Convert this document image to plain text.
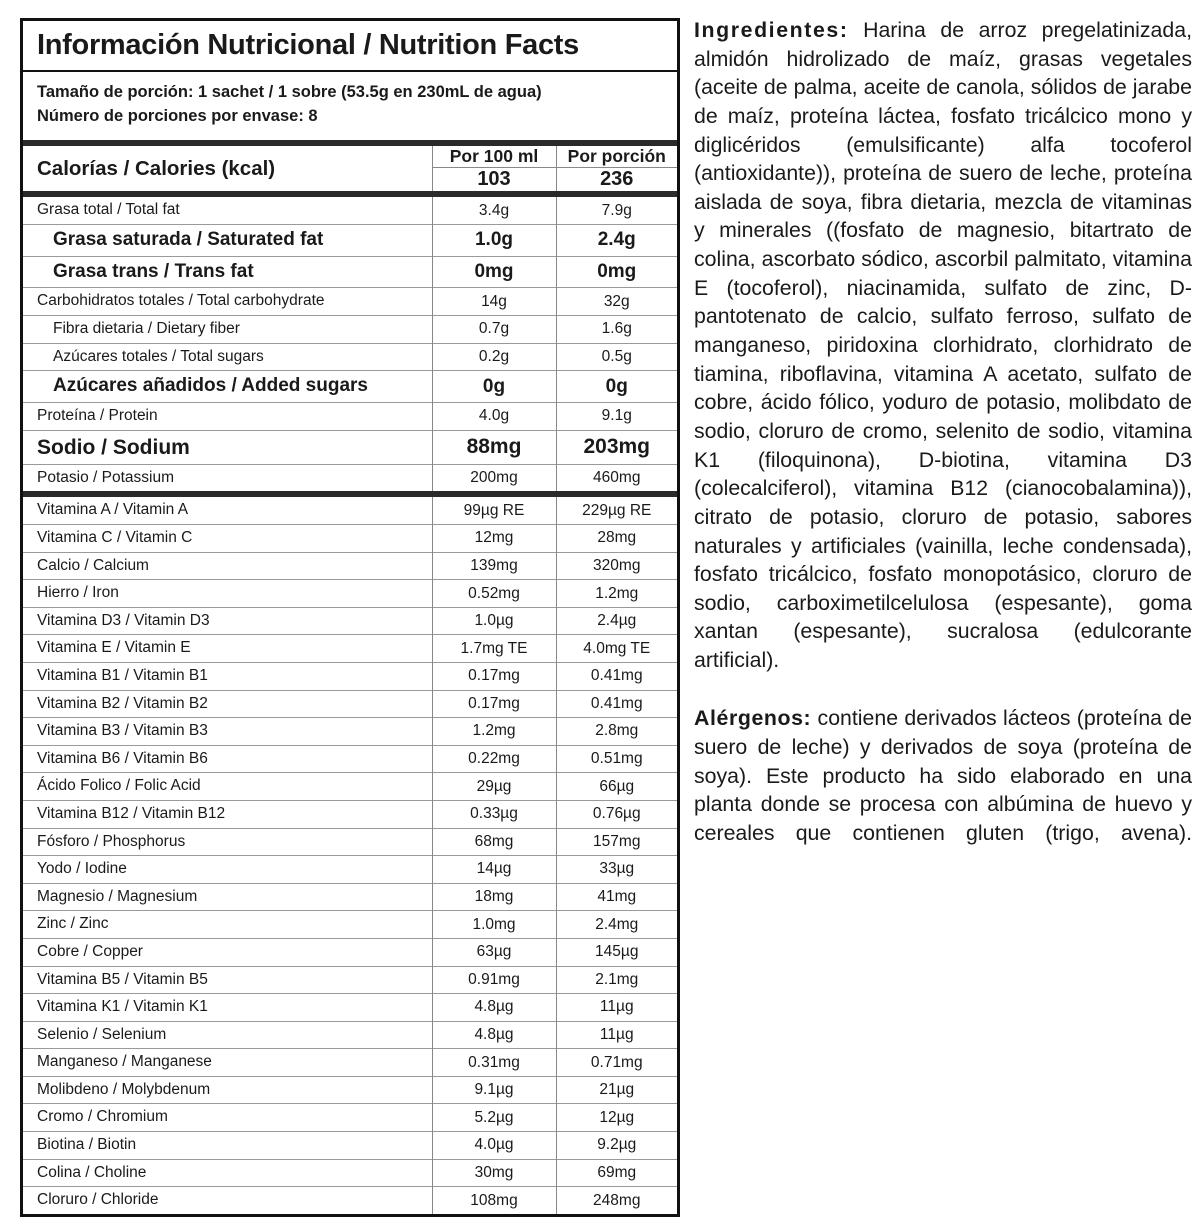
Información Nutricional / Nutrition Facts
Tamaño de porción: 1 sachet / 1 sobre (53.5g en 230mL de agua)
Número de porciones por envase: 8
Calorías / Calories (kcal)	Por 100 ml	Por porción
	103	236
Grasa total / Total fat	3.4g	7.9g

Grasa saturada / Saturated fat	1.0g	2.4g

Grasa trans / Trans fat	0mg	0mg

Carbohidratos totales / Total carbohydrate	14g	32g

Fibra dietaria / Dietary fiber	0.7g	1.6g

Azúcares totales / Total sugars	0.2g	0.5g

Azúcares añadidos / Added sugars	0g	0g

Proteína / Protein	4.0g	9.1g

Sodio / Sodium	88mg	203mg

Potasio / Potassium	200mg	460mg
Vitamina A / Vitamin A	99µg RE	229µg RE

Vitamina C / Vitamin C	12mg	28mg

Calcio / Calcium	139mg	320mg

Hierro / Iron	0.52mg	1.2mg

Vitamina D3 / Vitamin D3	1.0µg	2.4µg

Vitamina E / Vitamin E	1.7mg TE	4.0mg TE

Vitamina B1 / Vitamin B1	0.17mg	0.41mg

Vitamina B2 / Vitamin B2	0.17mg	0.41mg

Vitamina B3 / Vitamin B3	1.2mg	2.8mg

Vitamina B6 / Vitamin B6	0.22mg	0.51mg

Ácido Folico / Folic Acid	29µg	66µg

Vitamina B12 / Vitamin B12	0.33µg	0.76µg

Fósforo / Phosphorus	68mg	157mg

Yodo / Iodine	14µg	33µg

Magnesio / Magnesium	18mg	41mg

Zinc / Zinc	1.0mg	2.4mg

Cobre / Copper	63µg	145µg

Vitamina B5 / Vitamin B5	0.91mg	2.1mg

Vitamina K1 / Vitamin K1	4.8µg	11µg

Selenio / Selenium	4.8µg	11µg

Manganeso / Manganese	0.31mg	0.71mg

Molibdeno / Molybdenum	9.1µg	21µg

Cromo / Chromium	5.2µg	12µg

Biotina / Biotin	4.0µg	9.2µg

Colina / Choline	30mg	69mg

Cloruro / Chloride	108mg	248mg

Ingredientes: Harina de arroz pregelatinizada, almidón hidrolizado de maíz, grasas vegetales (aceite de palma, aceite de canola, sólidos de jarabe de maíz, proteína láctea, fosfato tricálcico mono y diglicéridos (emulsificante) alfa tocoferol (antioxidante)), proteína de suero de leche, proteína aislada de soya, fibra dietaria, mezcla de vitaminas y minerales ((fosfato de magnesio, bitartrato de colina, ascorbato sódico, ascorbil palmitato, vitamina E (tocoferol), niacinamida, sulfato de zinc, D-pantotenato de calcio, sulfato ferroso, sulfato de manganeso, piridoxina clorhidrato, clorhidrato de tiamina, riboflavina, vitamina A acetato, sulfato de cobre, ácido fólico, yoduro de potasio, molibdato de sodio, cloruro de cromo, selenito de sodio, vitamina K1 (filoquinona), D-biotina, vitamina D3 (colecalciferol), vitamina B12 (cianocobalamina)), citrato de potasio, cloruro de potasio, sabores naturales y artificiales (vainilla, leche condensada), fosfato tricálcico, fosfato monopotásico, cloruro de sodio, carboximetilcelulosa (espesante), goma xantan (espesante), sucralosa (edulcorante artificial).

Alérgenos: contiene derivados lácteos (proteína de suero de leche) y derivados de soya (proteína de soya). Este producto ha sido elaborado en una planta donde se procesa con albúmina de huevo y cereales que contienen gluten (trigo, avena).
